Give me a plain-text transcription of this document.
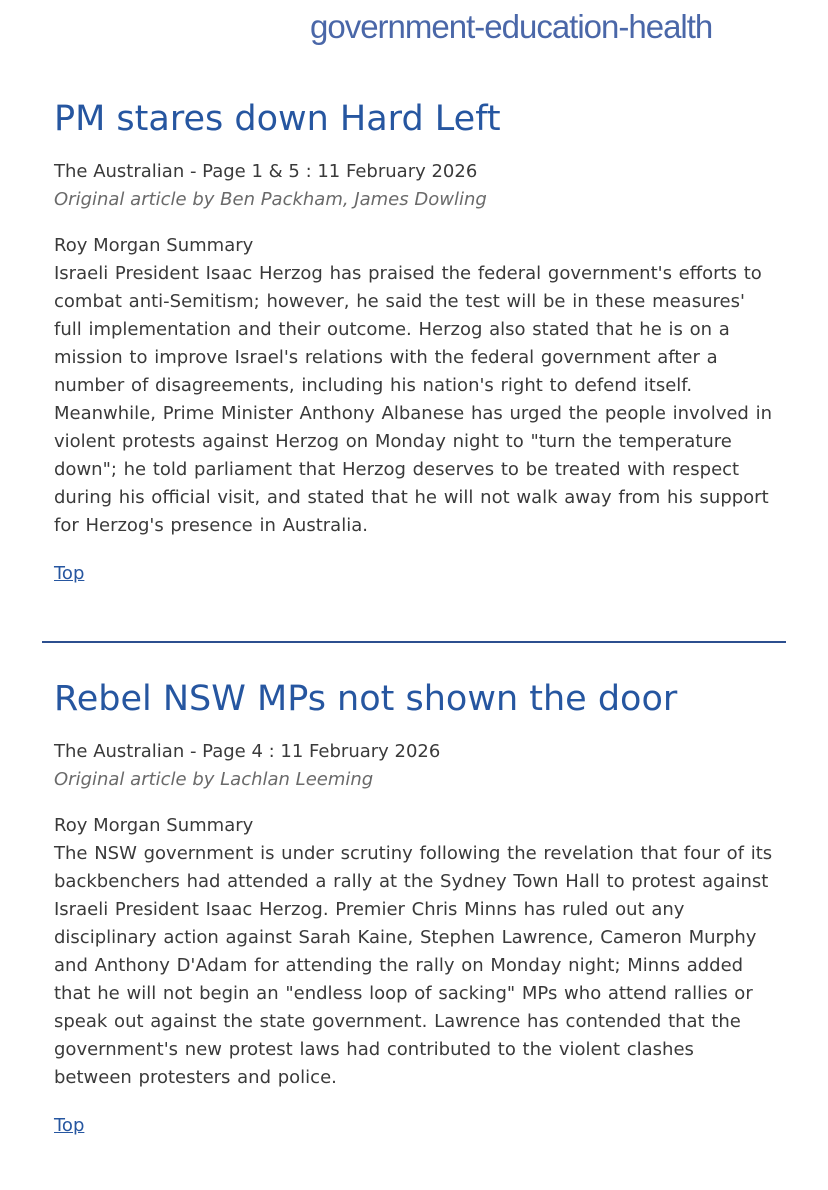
government-education-health
PM stares down Hard Left
The Australian - Page 1 & 5 : 11 February 2026
Original article by Ben Packham, James Dowling
Roy Morgan Summary
Israeli President Isaac Herzog has praised the federal government's efforts to combat anti-Semitism; however, he said the test will be in these measures' full implementation and their outcome. Herzog also stated that he is on a mission to improve Israel's relations with the federal government after a number of disagreements, including his nation's right to defend itself. Meanwhile, Prime Minister Anthony Albanese has urged the people involved in violent protests against Herzog on Monday night to "turn the temperature down"; he told parliament that Herzog deserves to be treated with respect during his official visit, and stated that he will not walk away from his support for Herzog's presence in Australia.
Top
Rebel NSW MPs not shown the door
The Australian - Page 4 : 11 February 2026
Original article by Lachlan Leeming
Roy Morgan Summary
The NSW government is under scrutiny following the revelation that four of its backbenchers had attended a rally at the Sydney Town Hall to protest against Israeli President Isaac Herzog. Premier Chris Minns has ruled out any disciplinary action against Sarah Kaine, Stephen Lawrence, Cameron Murphy and Anthony D'Adam for attending the rally on Monday night; Minns added that he will not begin an "endless loop of sacking" MPs who attend rallies or speak out against the state government. Lawrence has contended that the government's new protest laws had contributed to the violent clashes between protesters and police.
Top
